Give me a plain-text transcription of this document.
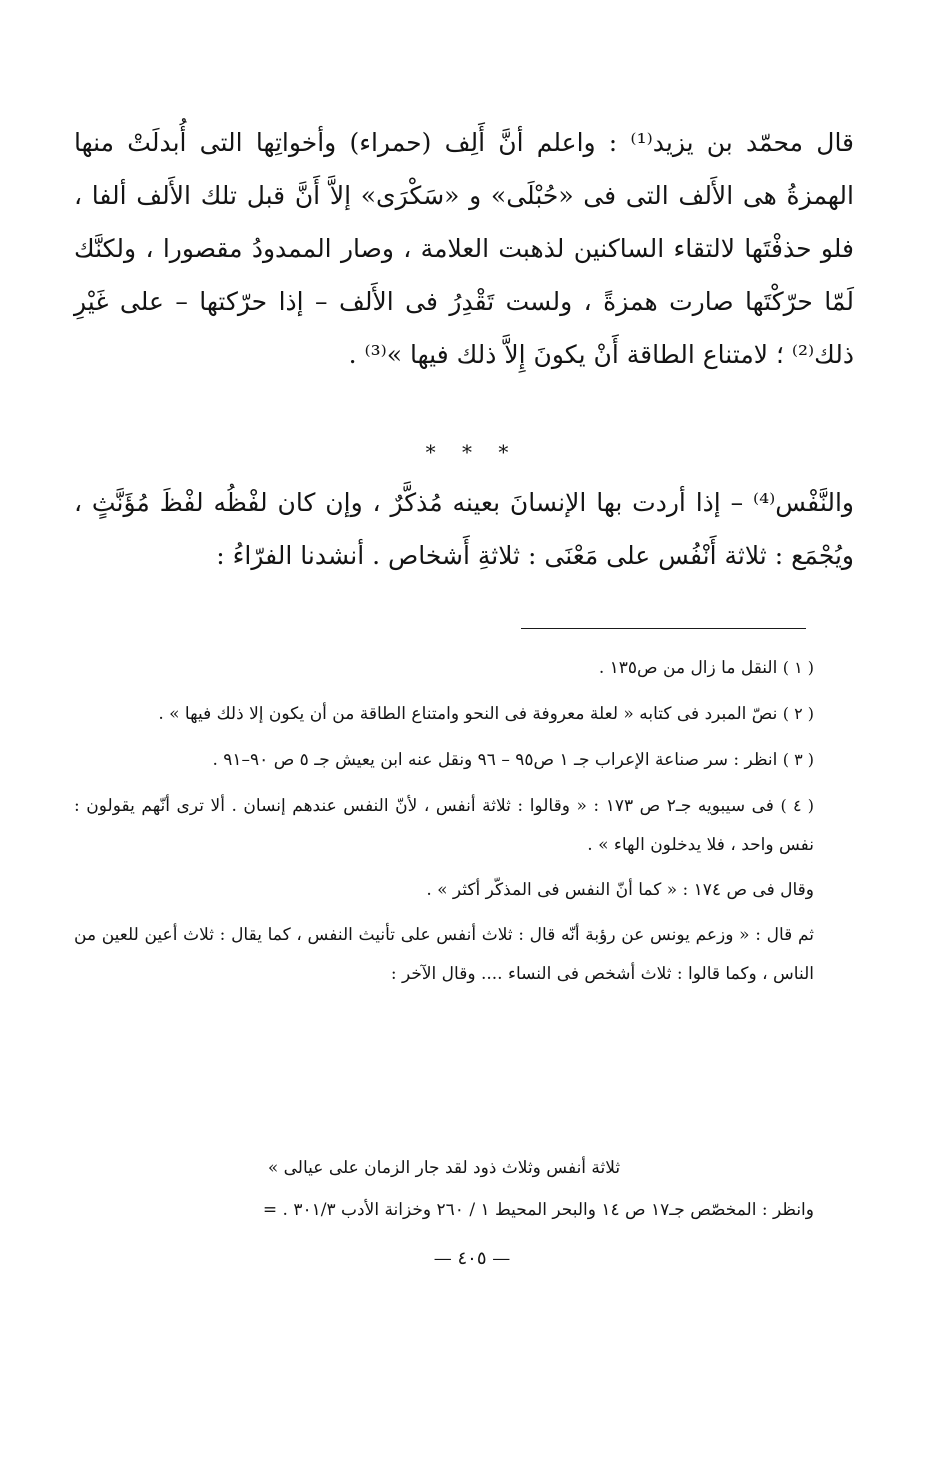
قال محمّد بن يزيد⁽¹⁾ : واعلم أنَّ أَلِف (حمراء) وأخواتِها التى أُبدلَتْ منها الهمزةُ هى الأَلف التى فى «حُبْلَى» و «سَكْرَى» إلاَّ أَنَّ قبل تلك الأَلف ألفا ، فلو حذفْتَها لالتقاء الساكنين لذهبت العلامة ، وصار الممدودُ مقصورا ، ولكنَّك لَمّا حرّكْتَها صارت همزةً ، ولست تَقْدِرُ فى الأَلف – إذا حرّكتها – على غَيْرِ ذلك⁽²⁾ ؛ لامتناع الطاقة أَنْ يكونَ إِلاَّ ذلك فيها »⁽³⁾ .

* * *

والنَّفْس⁽⁴⁾ – إذا أردت بها الإنسانَ بعينه مُذكَّرٌ ، وإن كان لفْظُه لفْظَ مُؤَنَّثٍ ، ويُجْمَع : ثلاثة أَنْفُس على مَعْنَى : ثلاثةِ أَشخاص . أنشدنا الفرّاءُ :

( ١ ) النقل ما زال من ص١٣٥ .

( ٢ ) نصّ المبرد فى كتابه « لعلة معروفة فى النحو وامتناع الطاقة من أن يكون إلا ذلك فيها » .

( ٣ ) انظر : سر صناعة الإعراب جـ ١ ص٩٥ – ٩٦ ونقل عنه ابن يعيش جـ ٥ ص ٩٠–٩١ .

( ٤ ) فى سيبويه جـ٢ ص ١٧٣ : « وقالوا : ثلاثة أنفس ، لأنّ النفس عندهم إنسان . ألا ترى أنّهم يقولون : نفس واحد ، فلا يدخلون الهاء » .

وقال فى ص ١٧٤ : « كما أنّ النفس فى المذكّر أكثر » .

ثم قال : « وزعم يونس عن رؤبة أنّه قال : ثلاث أنفس على تأنيث النفس ، كما يقال : ثلاث أعين للعين من الناس ، وكما قالوا : ثلاث أشخص فى النساء .... وقال الآخر :

ثلاثة أنفس وثلاث ذود لقد جار الزمان على عيالى »
وانظر : المخصّص جـ١٧ ص ١٤ والبحر المحيط ١ / ٢٦٠ وخزانة الأدب ٣٠١/٣ . =
— ٤٠٥ —
